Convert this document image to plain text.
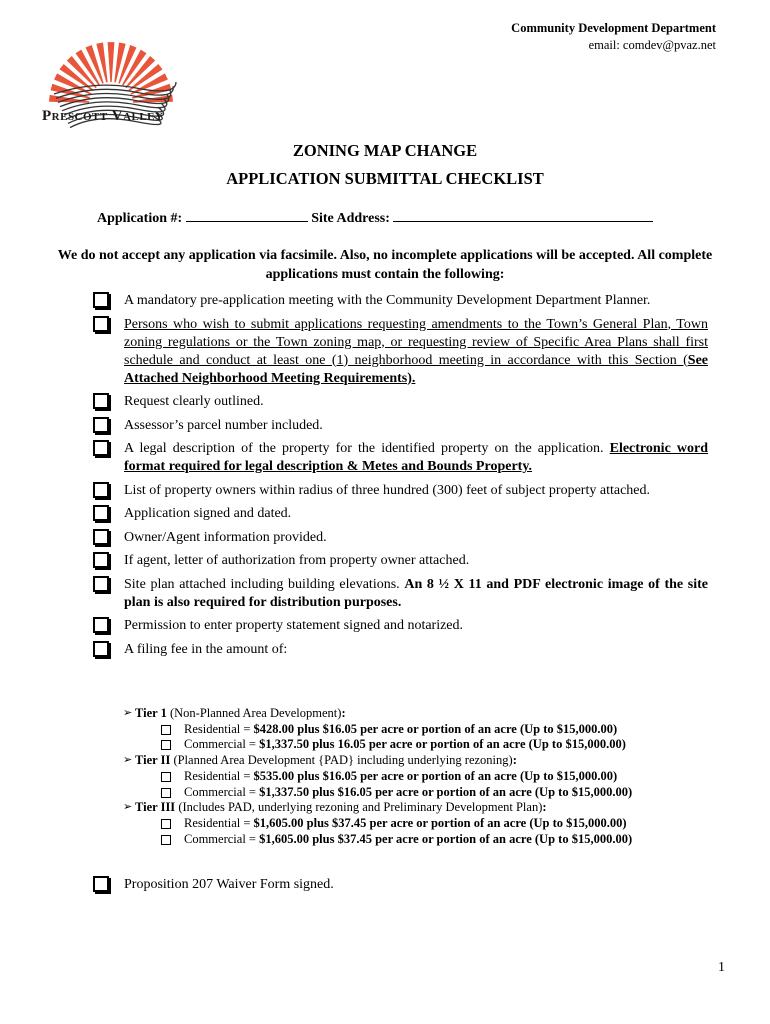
Prescott Valley
Community Development Department
email: comdev@pvaz.net
ZONING MAP CHANGE
APPLICATION SUBMITTAL CHECKLIST
Application #:	Site Address:
We do not accept any application via facsimile. Also, no incomplete applications will be accepted. All complete applications must contain the following:
A mandatory pre-application meeting with the Community Development Department Planner.
Persons who wish to submit applications requesting amendments to the Town’s General Plan, Town zoning regulations or the Town zoning map, or requesting review of Specific Area Plans shall first schedule and conduct at least one (1) neighborhood meeting in accordance with this Section (See Attached Neighborhood Meeting Requirements).
Request clearly outlined.
Assessor’s parcel number included.
A legal description of the property for the identified property on the application. Electronic word format required for legal description & Metes and Bounds Property.
List of property owners within radius of three hundred (300) feet of subject property attached.
Application signed and dated.
Owner/Agent information provided.
If agent, letter of authorization from property owner attached.
Site plan attached including building elevations. An 8 ½ X 11 and PDF electronic image of the site plan is also required for distribution purposes.
Permission to enter property statement signed and notarized.
A filing fee in the amount of:
➢ Tier 1 (Non-Planned Area Development):
Residential = $428.00 plus $16.05 per acre or portion of an acre (Up to $15,000.00)
Commercial = $1,337.50 plus 16.05 per acre or portion of an acre (Up to $15,000.00)
➢ Tier II (Planned Area Development {PAD} including underlying rezoning):
Residential = $535.00 plus $16.05 per acre or portion of an acre (Up to $15,000.00)
Commercial = $1,337.50 plus $16.05 per acre or portion of an acre (Up to $15,000.00)
➢ Tier III (Includes PAD, underlying rezoning and Preliminary Development Plan):
Residential = $1,605.00 plus $37.45 per acre or portion of an acre (Up to $15,000.00)
Commercial = $1,605.00 plus $37.45 per acre or portion of an acre (Up to $15,000.00)
Proposition 207 Waiver Form signed.
1
